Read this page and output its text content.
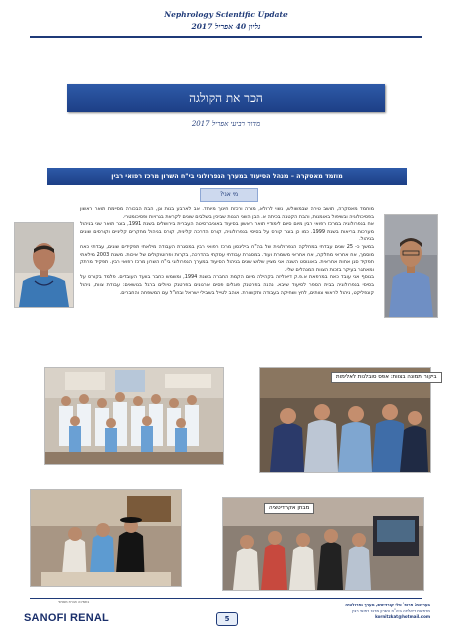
Nephrology Scientific Update
גליון 40 אפריל 2017
הכר את הקולגה
מדור רביעי אפריל 2017
מוזמד מאסקרה – מנהל הסיעוד במערך הנפרולוגי בי"ח השרון מרכז רפואי רבין
מי אני?

מוחמד מאסקרה, תושב טירה שבמשולש, נשוי לרולא, מורה ורכזת חינוך מיוחד. אב לארבע בנות וגן, הבת הבכורה מסיימת תואר ראשון בפסיכולוגיה ובשיפול באומנות, והבת הקטנה בכיתה א. הבן השני הגנות שביכין בשלבים שונים לקראת בגרויות ופסיכומטרי.

אח בנפרולוגיה במרכז רפואי רבין מיום סיום לימודיי תואר ראשון בסיעוד באוניברסיטה העברית בירושלים בשנת 1991, בוגר תואר שני בניהול מערכות בריאות בשנת 1999. כמו כן בוגר קורס על בסיסי בנפרולוגיה, קורס הדרכה קלינית, קורס בניהול מחקרים קליניים וקורסים שונים בניהול.

במשך כ- 25 שנים עבדתי במחלקה הנפרולוגית של בה"ח בילינסון מרכז רפואי רבין במסגרת העבודה מילאתי תפקידים שונים, עבדתי כאח מוסמך, אח אחראי מחלקה, אח אחראי משמרת ועוד. במסגרת עבודתי עסקתי בהדרכה, בקרות ופרוטוקולים של איכות. משנת 2003 מילאתי תפקיד סגן אחות אחראית. באוגוסט השנה אני מציין שלוש שנים בניהול הסיעוד במערך הנפרולוגי בי"ח השרון מרכז רפואי רבין. תפקיד מרתק ומאתגר בעיקר בזכות הצוות המנהלים שלי.

בנוסף אני עובד כאח במרפאת א.פ.ק דיאליזה בקהילה מיום הקמת החברה בשנת 1994, ומשמש כחבר בוועד העובדים. פלמד בקורס על בסיסי בנפרולוגיה בבית הספר לסיעוד שיבא. נהנה בפרטנק פוגלים פסים ארגונים בפרטנק טיולים ברגל בנושאים: עבודת צוות, ניהול קונפליקט, ניהול לראשי צוותים, לחץ ושחיקה בעבודה ותקשורת. אוהב לטייל בשבילי ישראל ובחו"ל עם המשפחה והחברים.

ביקור תמונה בצוות: אפס סובלנות לאלימות
מבחן אקרדיטציה
בתמיכה חברת מסניפי
SANOFI RENAL	5
בעריכת: פרופ' טלי קורזייטש, מערך נפרולוגיה
מרפאת דיאליזה ביה"ח השרון מרכז רפואי רבין
kornitzkat@hotmail.com
